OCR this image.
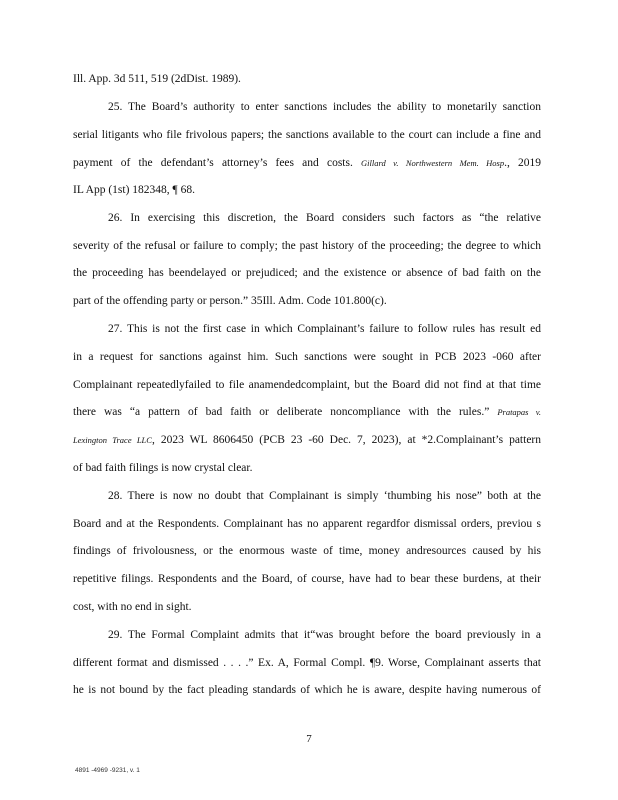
Ill. App. 3d 511, 519 (2dDist. 1989).
25. The Board’s authority to enter sanctions includes the ability to monetarily sanction
serial litigants who file frivolous papers; the sanctions available to the court can include a fine and
payment of the defendant’s attorney’s fees and costs. Gillard v. Northwestern Mem. Hosp., 2019
IL App (1st) 182348, ¶ 68.
26. In exercising this discretion, the Board considers such factors as “the relative
severity of the refusal or failure to comply; the past history of the proceeding; the degree to which
the proceeding has beendelayed or prejudiced; and the existence or absence of bad faith on the
part of the offending party or person.” 35Ill. Adm. Code 101.800(c).
27. This is not the first case in which Complainant’s failure to follow rules has result ed
in a request for sanctions against him. Such sanctions were sought in PCB 2023 -060 after
Complainant repeatedlyfailed to file anamendedcomplaint, but the Board did not find at that time
there was “a pattern of bad faith or deliberate noncompliance with the rules.” Pratapas v.
Lexington Trace LLC, 2023 WL 8606450 (PCB 23 -60 Dec. 7, 2023), at *2.Complainant’s pattern
of bad faith filings is now crystal clear.
28. There is now no doubt that Complainant is simply ‘thumbing his nose” both at the
Board and at the Respondents. Complainant has no apparent regardfor dismissal orders, previou s
findings of frivolousness, or the enormous waste of time, money andresources caused by his
repetitive filings. Respondents and the Board, of course, have had to bear these burdens, at their
cost, with no end in sight.
29. The Formal Complaint admits that it“was brought before the board previously in a
different format and dismissed . . . .” Ex. A, Formal Compl. ¶9. Worse, Complainant asserts that
he is not bound by the fact pleading standards of which he is aware, despite having numerous of
7
4891 -4969 -9231, v. 1
